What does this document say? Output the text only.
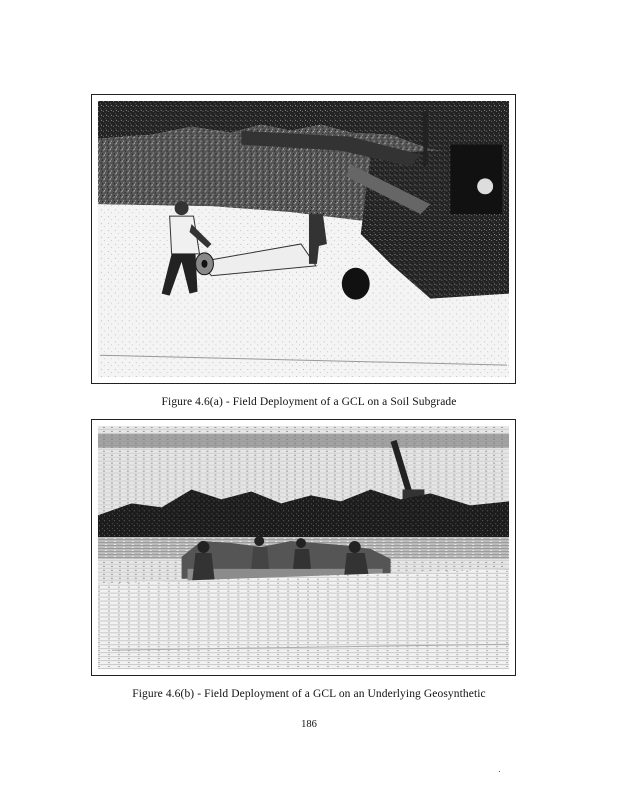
Figure 4.6(a) - Field Deployment of a GCL on a Soil Subgrade
Figure 4.6(b) - Field Deployment of a GCL on an Underlying Geosynthetic
186
